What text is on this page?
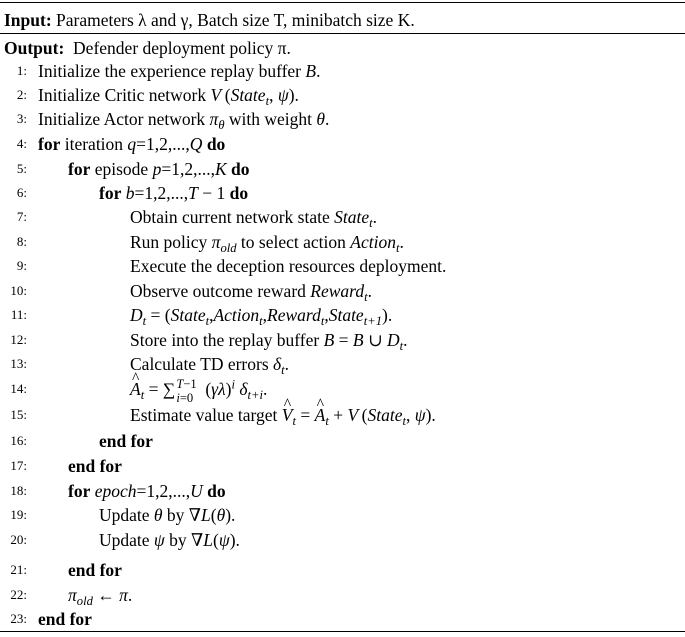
Input: Parameters λ and γ, Batch size T, minibatch size K.
Output: Defender deployment policy π.
1: Initialize the experience replay buffer B.
2: Initialize Critic network V (State$_t$, ψ).
3: Initialize Actor network $\pi_\theta$ with weight θ.
4: for iteration q=1,2,...,Q do
5: for episode p=1,2,...,K do
6:	for b=1,2,...,T − 1 do
7:	Obtain current network state State$_t$.
8:	Run policy $\pi_{old}$ to select action Action$_t$.
9:	Execute the deception resources deployment.
10:	Observe outcome reward Reward$_t$.
11:	$D_t$ = (State$_t$,Action$_t$,Reward$_t$,State$_{t+1}$).
12:	Store into the replay buffer B = B ∪ $D_t$.
13:	Calculate TD errors $\delta_t$.
14:	A $\^{}_t$ = ∑ T−1
i=0 $(\gamma\lambda)^i$ $\delta_{t+i}$.
15:	Estimate value target V $\^{}_t = A$ $\^{}_t + V$ (State$_t$, ψ).
16:	end for
17: end for
18: for epoch=1,2,...,U do
19:	Update θ by ∇L(θ).
20:	Update ψ by ∇L(ψ).
21: end for
22: $\pi_{old}$ ← π.
23: end for
